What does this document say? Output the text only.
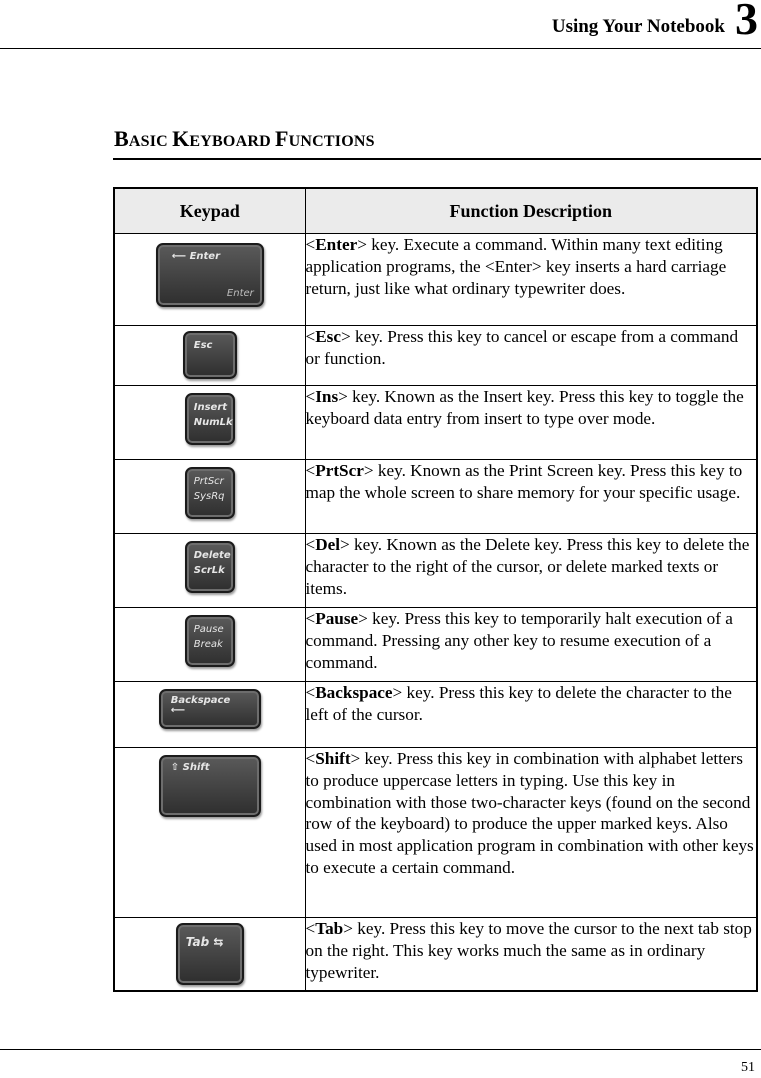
Using Your Notebook 3
BASIC KEYBOARD FUNCTIONS
Keypad	Function Description

⟵ Enter
Enter	<Enter> key. Execute a command. Within many text editing application programs, the <Enter> key inserts a hard carriage return, just like what ordinary typewriter does.

Esc	<Esc> key. Press this key to cancel or escape from a command or function.

Insert
NumLk	<Ins> key. Known as the Insert key. Press this key to toggle the keyboard data entry from insert to type over mode.

PrtScr
SysRq	<PrtScr> key. Known as the Print Screen key. Press this key to map the whole screen to share memory for your specific usage.

Delete
ScrLk	<Del> key. Known as the Delete key. Press this key to delete the character to the right of the cursor, or delete marked texts or items.

Pause
Break	<Pause> key. Press this key to temporarily halt execution of a command. Pressing any other key to resume execution of a command.

Backspace
⟵	<Backspace> key. Press this key to delete the character to the left of the cursor.

⇧ Shift	<Shift> key. Press this key in combination with alphabet letters to produce uppercase letters in typing. Use this key in combination with those two-character keys (found on the second row of the keyboard) to produce the upper marked keys. Also used in most application program in combination with other keys to execute a certain command.

Tab ⇆	<Tab> key. Press this key to move the cursor to the next tab stop on the right. This key works much the same as in ordinary typewriter.
51
